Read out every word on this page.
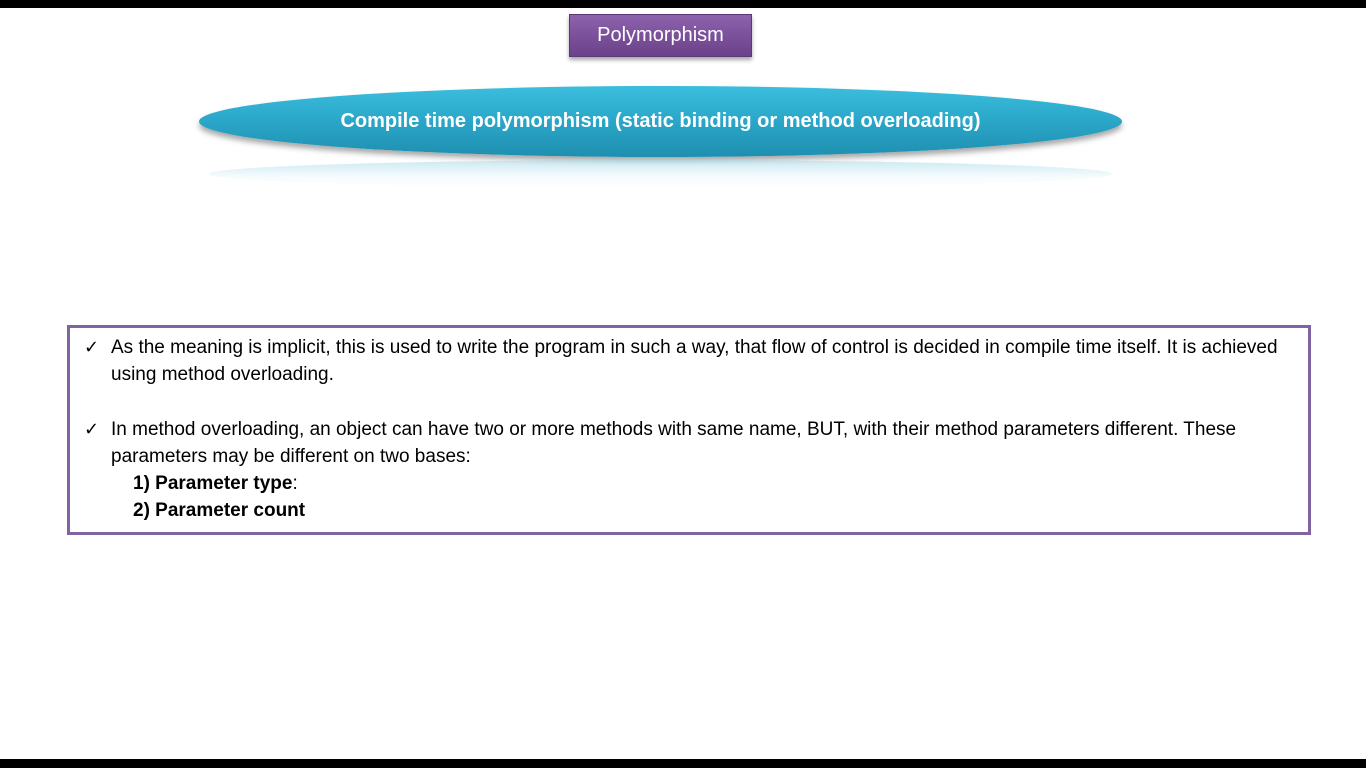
Polymorphism
Compile time polymorphism (static binding or method overloading)
✓ As the meaning is implicit, this is used to write the program in such a way, that flow of control is decided in compile time itself. It is achieved using method overloading.
✓ In method overloading, an object can have two or more methods with same name, BUT, with their method parameters different. These parameters may be different on two bases:
1) Parameter type:
2) Parameter count
